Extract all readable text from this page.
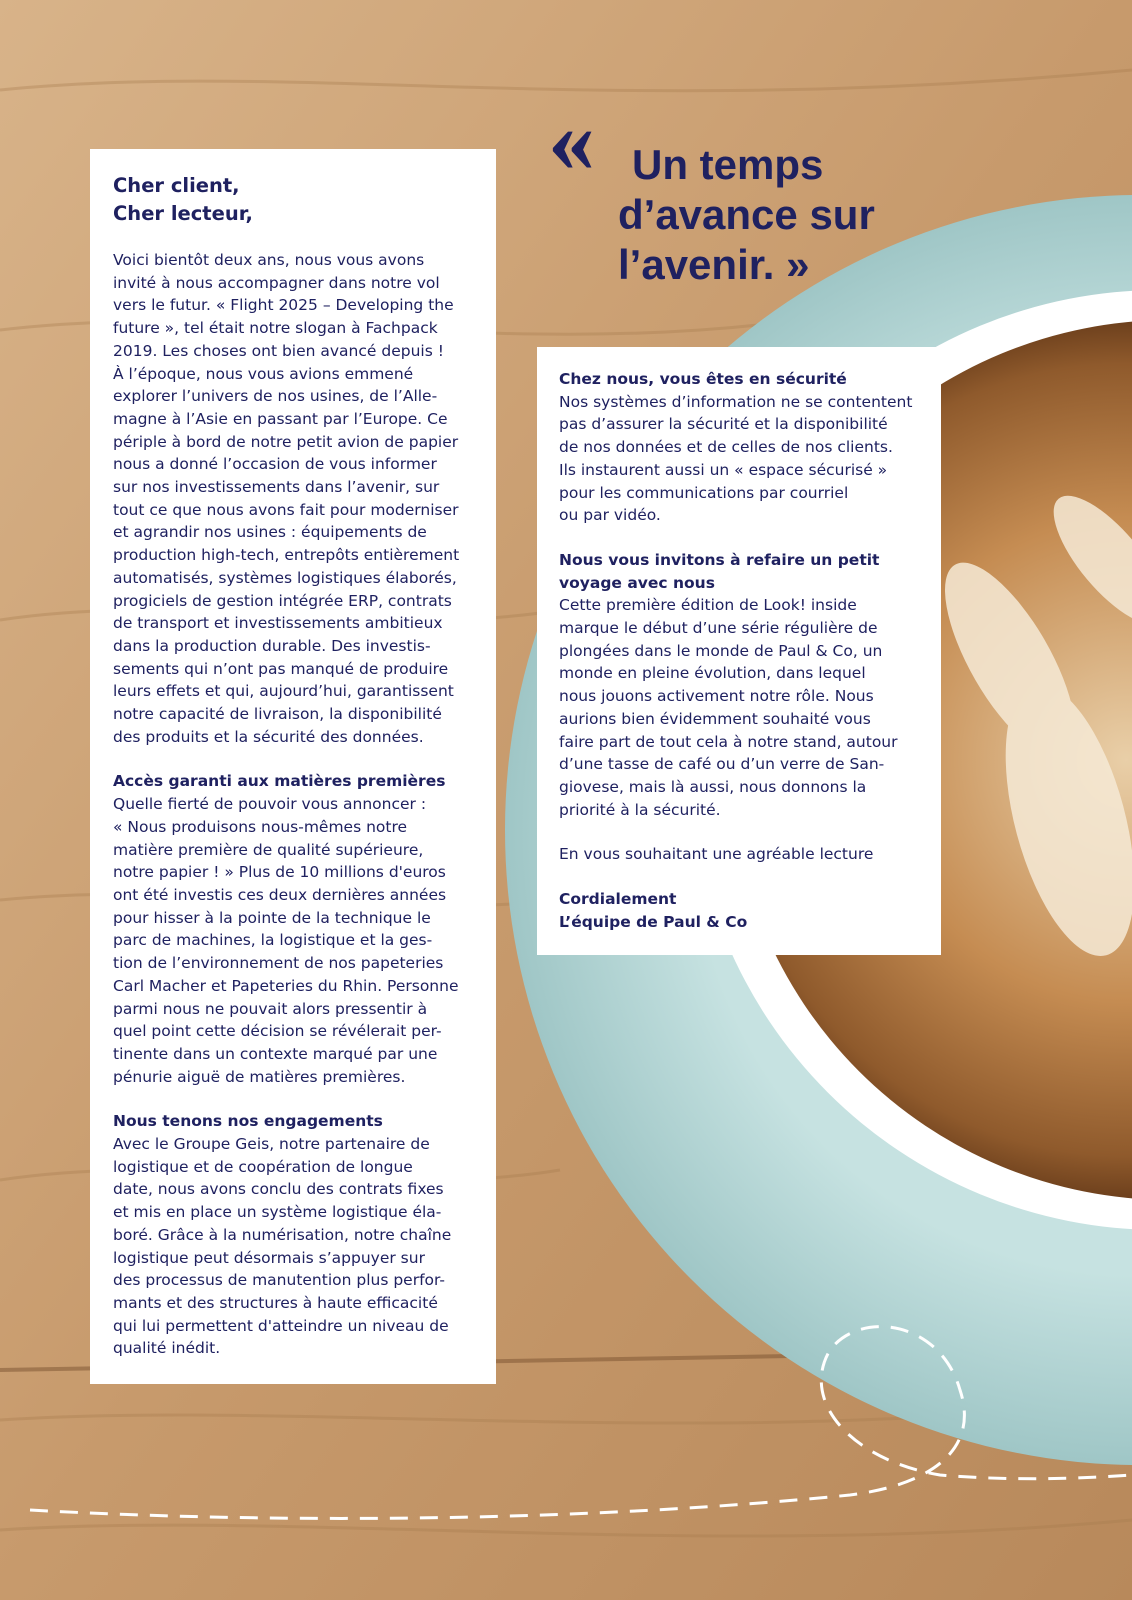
« Un temps
d’avance sur
l’avenir. »
Cher client,
Cher lecteur,
Voici bientôt deux ans, nous vous avons
invité à nous accompagner dans notre vol
vers le futur. « Flight 2025 – Developing the
future », tel était notre slogan à Fachpack
2019. Les choses ont bien avancé depuis !
À l’époque, nous vous avions emmené
explorer l’univers de nos usines, de l’Alle-
magne à l’Asie en passant par l’Europe. Ce
périple à bord de notre petit avion de papier
nous a donné l’occasion de vous informer
sur nos investissements dans l’avenir, sur
tout ce que nous avons fait pour moderniser
et agrandir nos usines : équipements de
production high-tech, entrepôts entièrement
automatisés, systèmes logistiques élaborés,
progiciels de gestion intégrée ERP, contrats
de transport et investissements ambitieux
dans la production durable. Des investis-
sements qui n’ont pas manqué de produire
leurs effets et qui, aujourd’hui, garantissent
notre capacité de livraison, la disponibilité
des produits et la sécurité des données.
Accès garanti aux matières premières
Quelle fierté de pouvoir vous annoncer :
« Nous produisons nous-mêmes notre
matière première de qualité supérieure,
notre papier ! » Plus de 10 millions d'euros
ont été investis ces deux dernières années
pour hisser à la pointe de la technique le
parc de machines, la logistique et la ges-
tion de l’environnement de nos papeteries
Carl Macher et Papeteries du Rhin. Personne
parmi nous ne pouvait alors pressentir à
quel point cette décision se révélerait per-
tinente dans un contexte marqué par une
pénurie aiguë de matières premières.
Nous tenons nos engagements
Avec le Groupe Geis, notre partenaire de
logistique et de coopération de longue
date, nous avons conclu des contrats fixes
et mis en place un système logistique éla-
boré. Grâce à la numérisation, notre chaîne
logistique peut désormais s’appuyer sur
des processus de manutention plus perfor-
mants et des structures à haute efficacité
qui lui permettent d'atteindre un niveau de
qualité inédit.
Chez nous, vous êtes en sécurité
Nos systèmes d’information ne se contentent
pas d’assurer la sécurité et la disponibilité
de nos données et de celles de nos clients.
Ils instaurent aussi un « espace sécurisé »
pour les communications par courriel
ou par vidéo.
Nous vous invitons à refaire un petit
voyage avec nous
Cette première édition de Look! inside
marque le début d’une série régulière de
plongées dans le monde de Paul & Co, un
monde en pleine évolution, dans lequel
nous jouons activement notre rôle. Nous
aurions bien évidemment souhaité vous
faire part de tout cela à notre stand, autour
d’une tasse de café ou d’un verre de San-
giovese, mais là aussi, nous donnons la
priorité à la sécurité.
En vous souhaitant une agréable lecture
Cordialement
L’équipe de Paul & Co
